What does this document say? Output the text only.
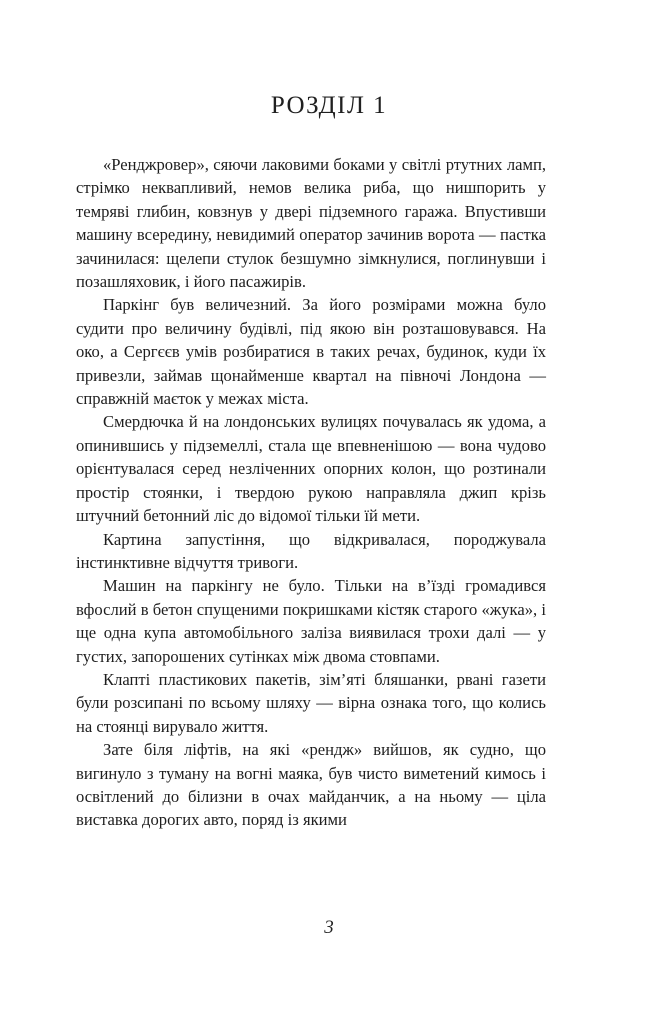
РОЗДІЛ 1

«Ренджровер», сяючи лаковими боками у світлі ртутних ламп, стрімко неквапливий, немов велика риба, що нишпорить у темряві глибин, ковзнув у двері підземного гаража. Впустивши машину всередину, невидимий оператор зачинив ворота — пастка зачинилася: щелепи стулок безшумно зімкнулися, поглинувши і позашляховик, і його пасажирів.

Паркінг був величезний. За його розмірами можна було судити про величину будівлі, під якою він розташовувався. На око, а Сергєєв умів розбиратися в таких речах, будинок, куди їх привезли, займав щонайменше квартал на півночі Лондона — справжній маєток у межах міста.

Смердючка й на лондонських вулицях почувалась як удома, а опинившись у підземеллі, стала ще впевненішою — вона чудово орієнтувалася серед незліченних опорних колон, що розтинали простір стоянки, і твердою рукою направляла джип крізь штучний бетонний ліс до відомої тільки їй мети.

Картина запустіння, що відкривалася, породжувала інстинктивне відчуття тривоги.

Машин на паркінгу не було. Тільки на в’їзді громадився вфослий в бетон спущеними покришками кістяк старого «жука», і ще одна купа автомобільного заліза виявилася трохи далі — у густих, запорошених сутінках між двома стовпами.

Клапті пластикових пакетів, зім’яті бляшанки, рвані газети були розсипані по всьому шляху — вірна ознака того, що колись на стоянці вирувало життя.

Зате біля ліфтів, на які «рендж» вийшов, як судно, що вигинуло з туману на вогні маяка, був чисто виметений кимось і освітлений до білизни в очах майданчик, а на ньому — ціла виставка дорогих авто, поряд із якими

3
